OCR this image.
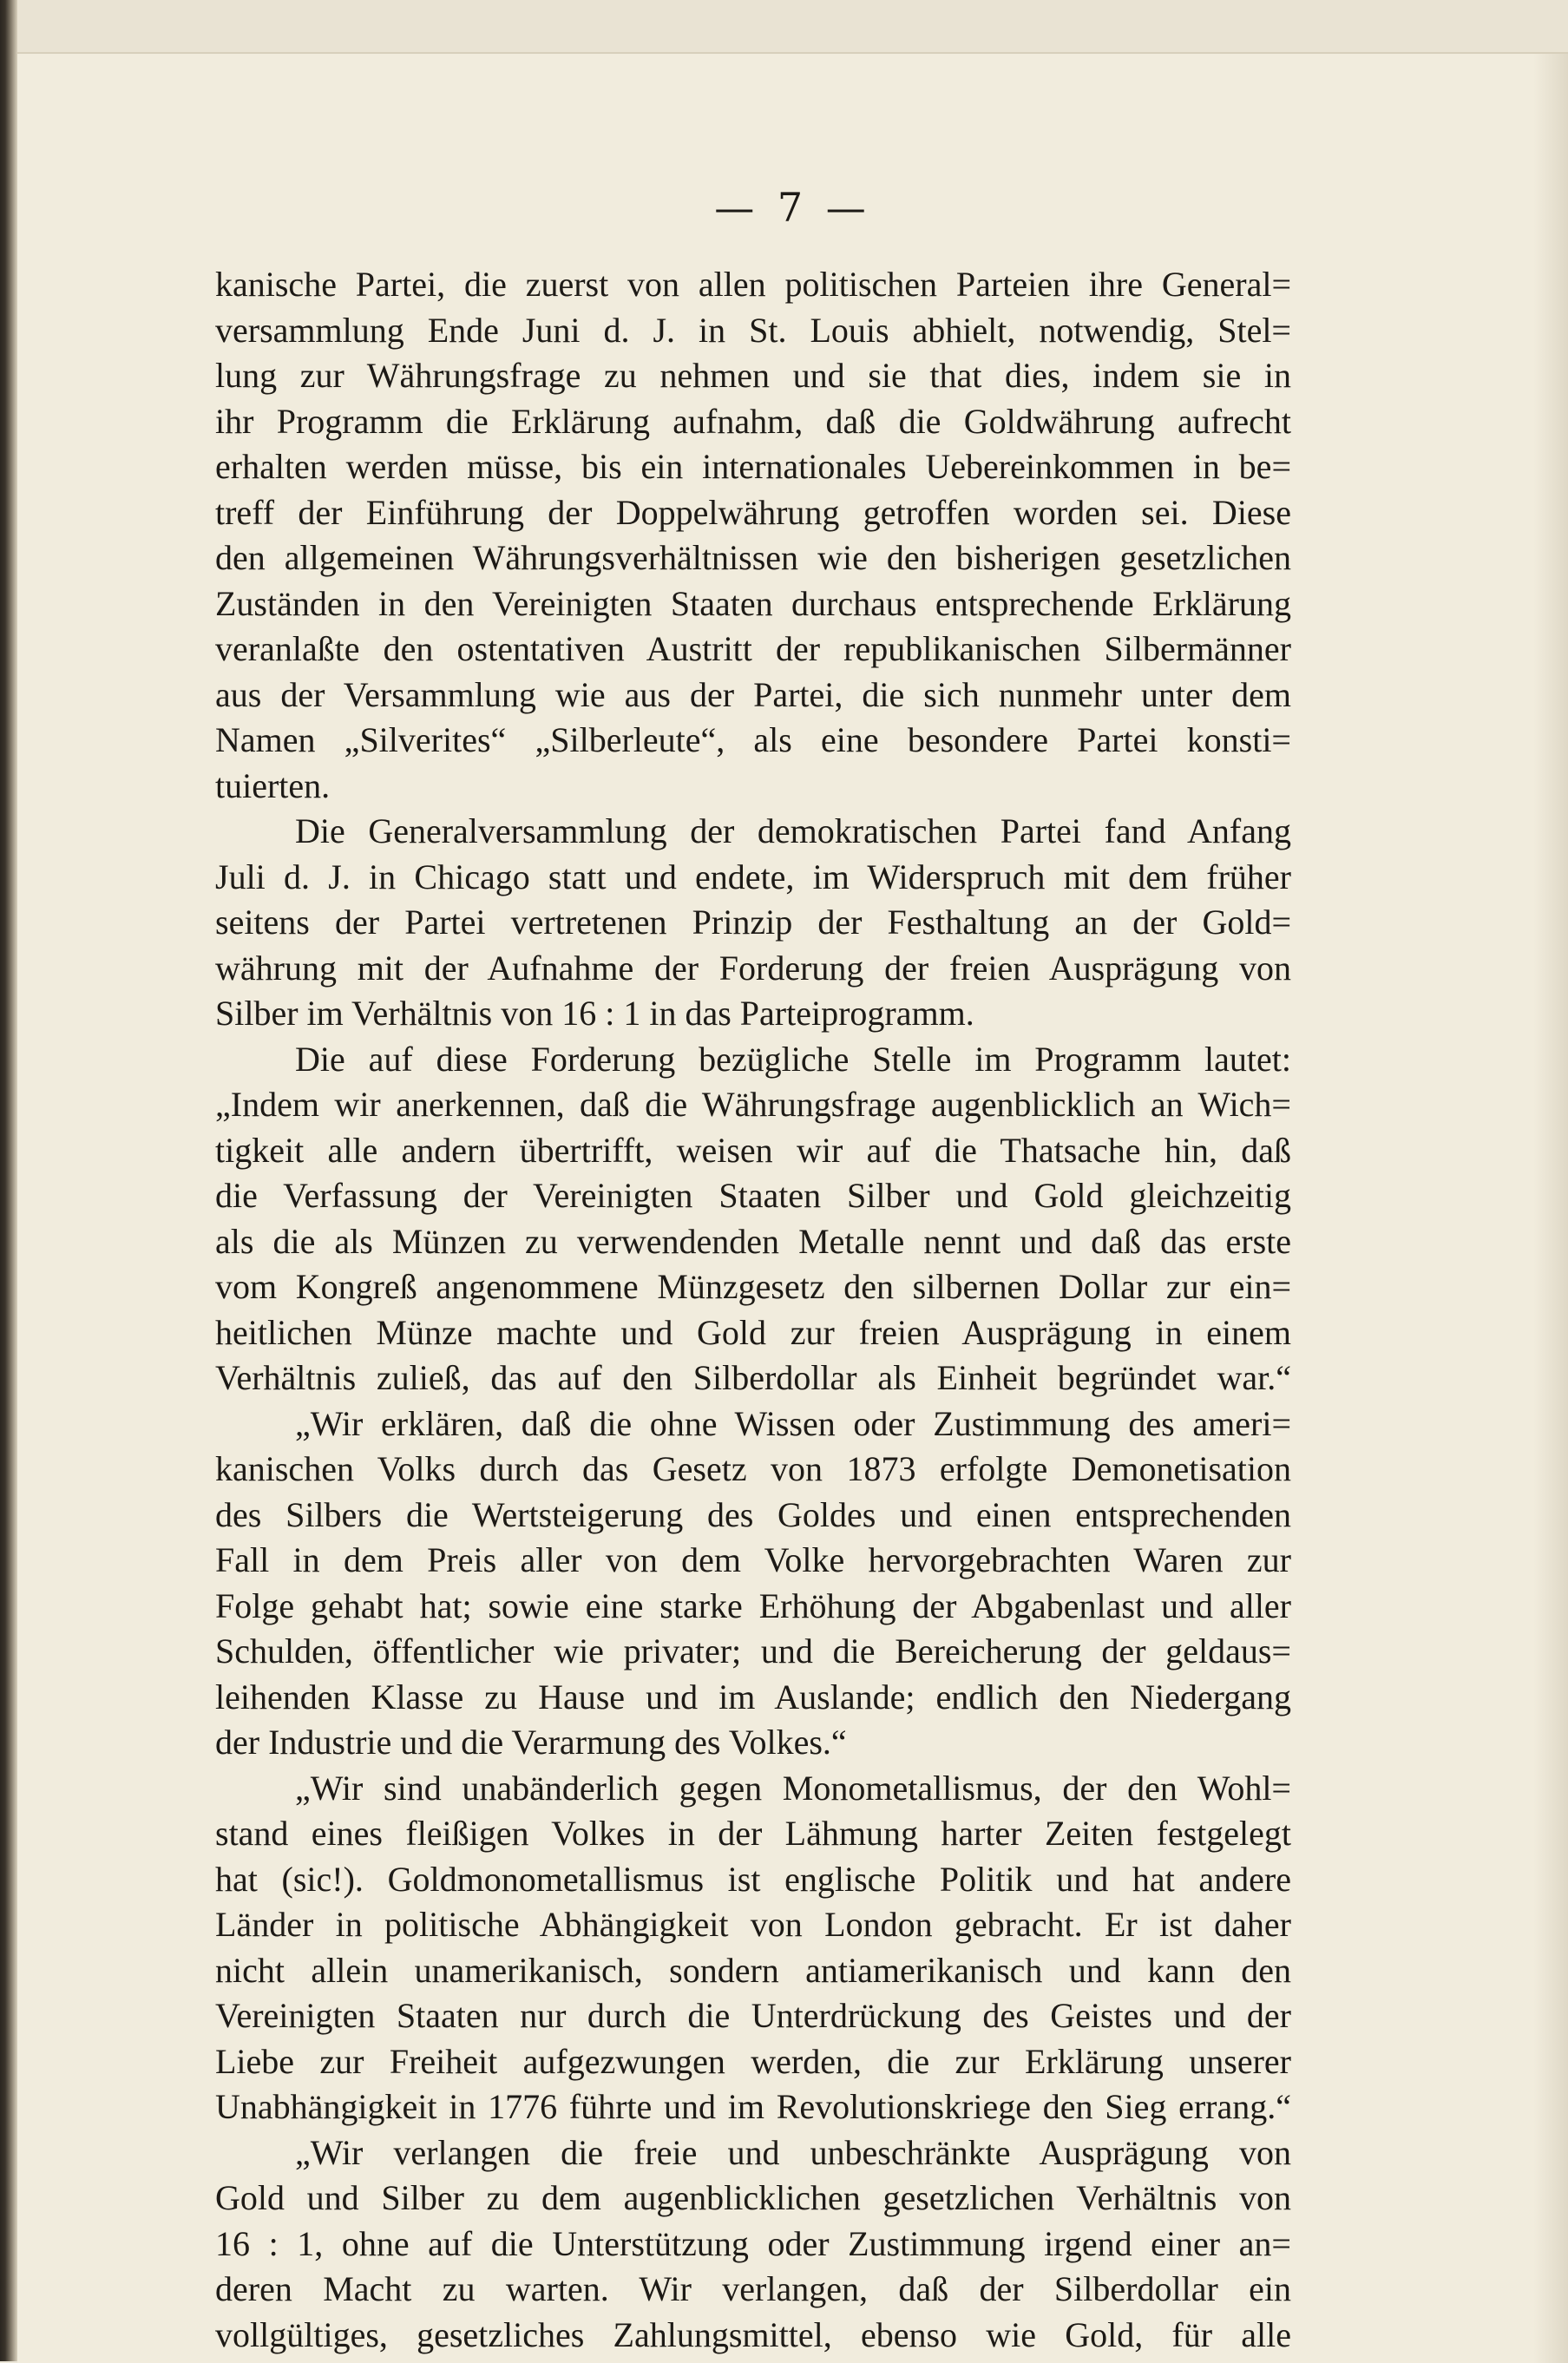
— 7 —
kanische Partei, die zuerst von allen politischen Parteien ihre General=
versammlung Ende Juni d. J. in St. Louis abhielt, notwendig, Stel=
lung zur Währungsfrage zu nehmen und sie that dies, indem sie in
ihr Programm die Erklärung aufnahm, daß die Goldwährung aufrecht
erhalten werden müsse, bis ein internationales Uebereinkommen in be=
treff der Einführung der Doppelwährung getroffen worden sei. Diese
den allgemeinen Währungsverhältnissen wie den bisherigen gesetzlichen
Zuständen in den Vereinigten Staaten durchaus entsprechende Erklärung
veranlaßte den ostentativen Austritt der republikanischen Silbermänner
aus der Versammlung wie aus der Partei, die sich nunmehr unter dem
Namen „Silverites“ „Silberleute“, als eine besondere Partei konsti=
tuierten.
Die Generalversammlung der demokratischen Partei fand Anfang
Juli d. J. in Chicago statt und endete, im Widerspruch mit dem früher
seitens der Partei vertretenen Prinzip der Festhaltung an der Gold=
währung mit der Aufnahme der Forderung der freien Ausprägung von
Silber im Verhältnis von 16 : 1 in das Parteiprogramm.
Die auf diese Forderung bezügliche Stelle im Programm lautet:
„Indem wir anerkennen, daß die Währungsfrage augenblicklich an Wich=
tigkeit alle andern übertrifft, weisen wir auf die Thatsache hin, daß
die Verfassung der Vereinigten Staaten Silber und Gold gleichzeitig
als die als Münzen zu verwendenden Metalle nennt und daß das erste
vom Kongreß angenommene Münzgesetz den silbernen Dollar zur ein=
heitlichen Münze machte und Gold zur freien Ausprägung in einem
Verhältnis zuließ, das auf den Silberdollar als Einheit begründet war.“
„Wir erklären, daß die ohne Wissen oder Zustimmung des ameri=
kanischen Volks durch das Gesetz von 1873 erfolgte Demonetisation
des Silbers die Wertsteigerung des Goldes und einen entsprechenden
Fall in dem Preis aller von dem Volke hervorgebrachten Waren zur
Folge gehabt hat; sowie eine starke Erhöhung der Abgabenlast und aller
Schulden, öffentlicher wie privater; und die Bereicherung der geldaus=
leihenden Klasse zu Hause und im Auslande; endlich den Niedergang
der Industrie und die Verarmung des Volkes.“
„Wir sind unabänderlich gegen Monometallismus, der den Wohl=
stand eines fleißigen Volkes in der Lähmung harter Zeiten festgelegt
hat (sic!). Goldmonometallismus ist englische Politik und hat andere
Länder in politische Abhängigkeit von London gebracht. Er ist daher
nicht allein unamerikanisch, sondern antiamerikanisch und kann den
Vereinigten Staaten nur durch die Unterdrückung des Geistes und der
Liebe zur Freiheit aufgezwungen werden, die zur Erklärung unserer
Unabhängigkeit in 1776 führte und im Revolutionskriege den Sieg errang.“
„Wir verlangen die freie und unbeschränkte Ausprägung von
Gold und Silber zu dem augenblicklichen gesetzlichen Verhältnis von
16 : 1, ohne auf die Unterstützung oder Zustimmung irgend einer an=
deren Macht zu warten. Wir verlangen, daß der Silberdollar ein
vollgültiges, gesetzliches Zahlungsmittel, ebenso wie Gold, für alle
